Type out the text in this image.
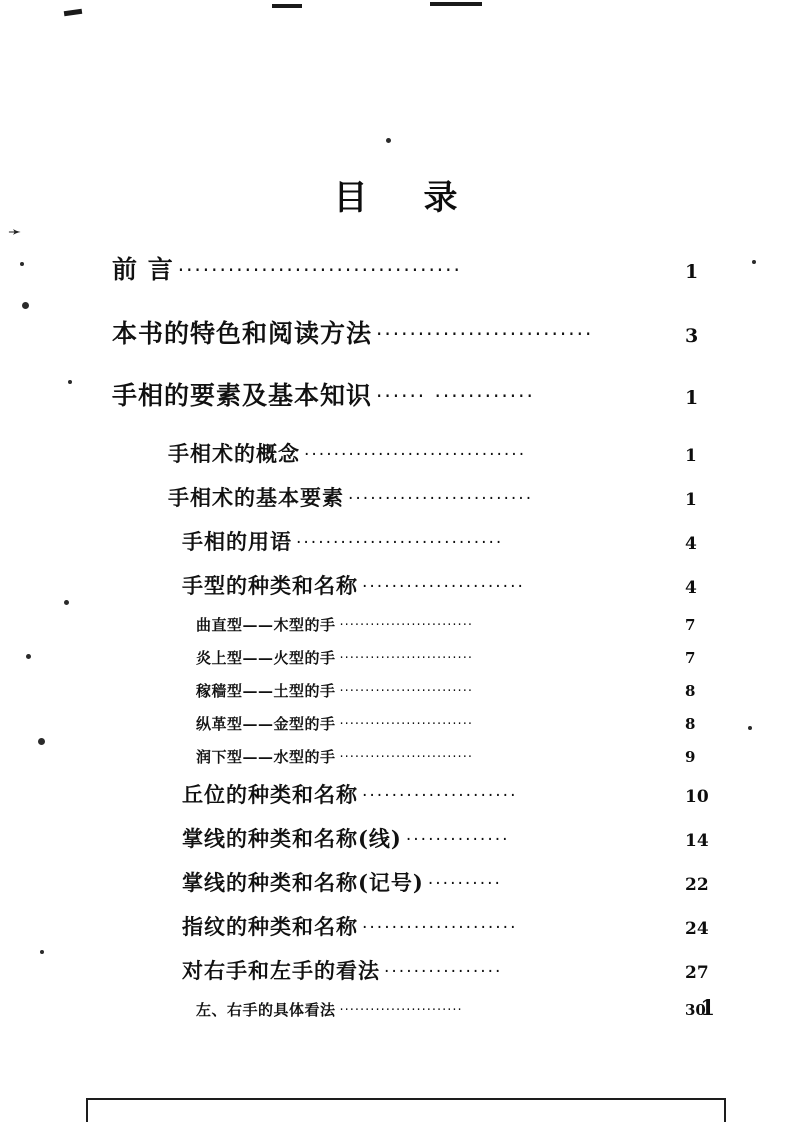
➛
目 录
前 言 ··································	1
本书的特色和阅读方法 ··························	3
手相的要素及基本知识 ······ ············	1
手相术的概念 ······························	1
手相术的基本要素 ·························	1
手相的用语 ····························	4
手型的种类和名称 ······················	4
曲直型——木型的手 ··························	7
炎上型——火型的手 ··························	7
稼穑型——土型的手 ··························	8
纵革型——金型的手 ··························	8
润下型——水型的手 ··························	9
丘位的种类和名称 ·····················	10
掌线的种类和名称(线) ··············	14
掌线的种类和名称(记号) ··········	22
指纹的种类和名称 ·····················	24
对右手和左手的看法 ················	27
左、右手的具体看法 ························	30
1
